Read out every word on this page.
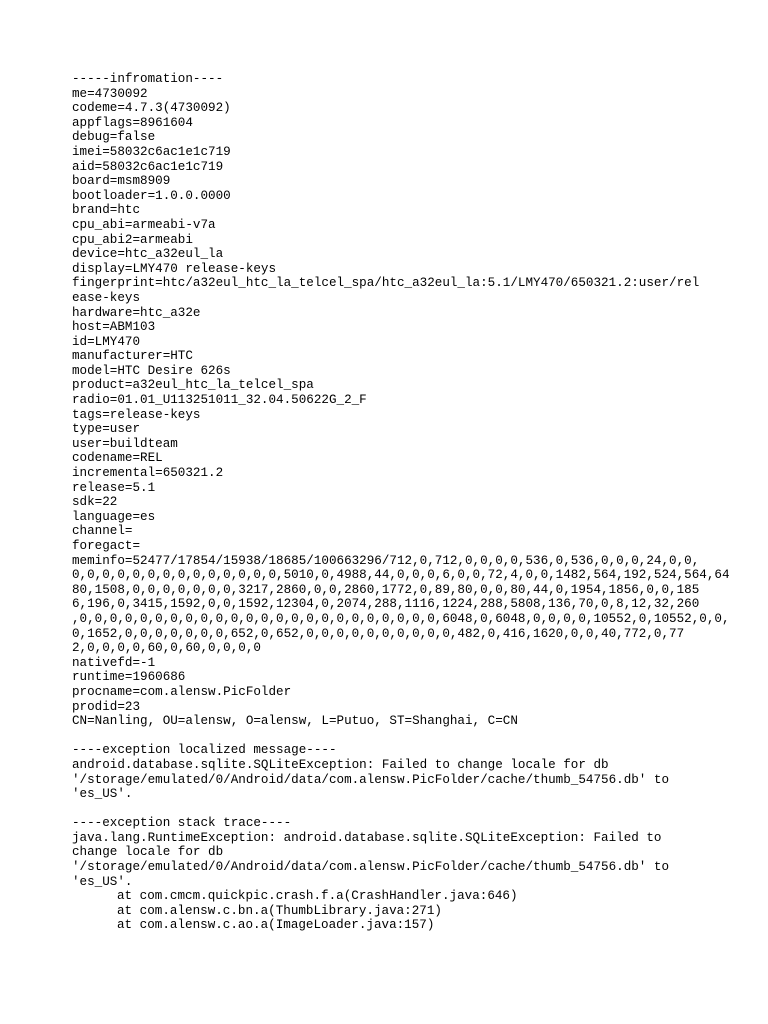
-----infromation----
me=4730092
codeme=4.7.3(4730092)
appflags=8961604
debug=false
imei=58032c6ac1e1c719
aid=58032c6ac1e1c719
board=msm8909
bootloader=1.0.0.0000
brand=htc
cpu_abi=armeabi-v7a
cpu_abi2=armeabi
device=htc_a32eul_la
display=LMY470 release-keys
fingerprint=htc/a32eul_htc_la_telcel_spa/htc_a32eul_la:5.1/LMY470/650321.2:user/rel
ease-keys
hardware=htc_a32e
host=ABM103
id=LMY470
manufacturer=HTC
model=HTC Desire 626s
product=a32eul_htc_la_telcel_spa
radio=01.01_U113251011_32.04.50622G_2_F
tags=release-keys
type=user
user=buildteam
codename=REL
incremental=650321.2
release=5.1
sdk=22
language=es
channel=
foregact=
meminfo=52477/17854/15938/18685/100663296/712,0,712,0,0,0,0,536,0,536,0,0,0,24,0,0,
0,0,0,0,0,0,0,0,0,0,0,0,0,0,5010,0,4988,44,0,0,0,6,0,0,72,4,0,0,1482,564,192,524,564,64
80,1508,0,0,0,0,0,0,0,3217,2860,0,0,2860,1772,0,89,80,0,0,80,44,0,1954,1856,0,0,185
6,196,0,3415,1592,0,0,1592,12304,0,2074,288,1116,1224,288,5808,136,70,0,8,12,32,260
,0,0,0,0,0,0,0,0,0,0,0,0,0,0,0,0,0,0,0,0,0,0,0,0,6048,0,6048,0,0,0,0,10552,0,10552,0,0,
0,1652,0,0,0,0,0,0,0,652,0,652,0,0,0,0,0,0,0,0,0,0,482,0,416,1620,0,0,40,772,0,77
2,0,0,0,0,60,0,60,0,0,0,0
nativefd=-1
runtime=1960686
procname=com.alensw.PicFolder
prodid=23
CN=Nanling, OU=alensw, O=alensw, L=Putuo, ST=Shanghai, C=CN
----exception localized message----
android.database.sqlite.SQLiteException: Failed to change locale for db
'/storage/emulated/0/Android/data/com.alensw.PicFolder/cache/thumb_54756.db' to
'es_US'.
----exception stack trace----
java.lang.RuntimeException: android.database.sqlite.SQLiteException: Failed to
change locale for db
'/storage/emulated/0/Android/data/com.alensw.PicFolder/cache/thumb_54756.db' to
'es_US'.
at com.cmcm.quickpic.crash.f.a(CrashHandler.java:646)
at com.alensw.c.bn.a(ThumbLibrary.java:271)
at com.alensw.c.ao.a(ImageLoader.java:157)
